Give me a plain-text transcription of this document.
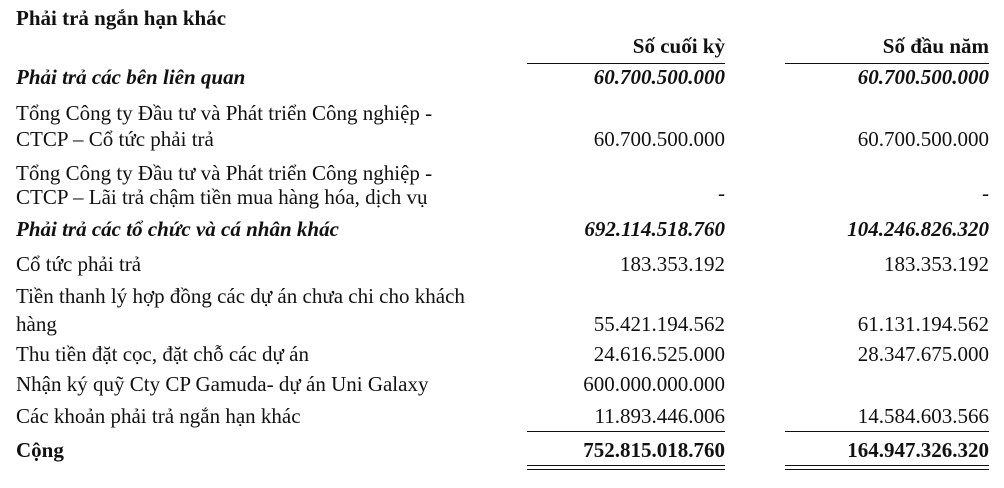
Phải trả ngắn hạn khác
Số cuối kỳ	Số đầu năm
Phải trả các bên liên quan	60.700.500.000	60.700.500.000
Tổng Công ty Đầu tư và Phát triển Công nghiệp -
CTCP – Cổ tức phải trả	60.700.500.000	60.700.500.000
Tổng Công ty Đầu tư và Phát triển Công nghiệp -
CTCP – Lãi trả chậm tiền mua hàng hóa, dịch vụ	-	-
Phải trả các tổ chức và cá nhân khác	692.114.518.760	104.246.826.320
Cổ tức phải trả	183.353.192	183.353.192
Tiền thanh lý hợp đồng các dự án chưa chi cho khách
hàng	55.421.194.562	61.131.194.562
Thu tiền đặt cọc, đặt chỗ các dự án	24.616.525.000	28.347.675.000
Nhận ký quỹ Cty CP Gamuda- dự án Uni Galaxy	600.000.000.000
Các khoản phải trả ngắn hạn khác	11.893.446.006	14.584.603.566
Cộng	752.815.018.760	164.947.326.320
